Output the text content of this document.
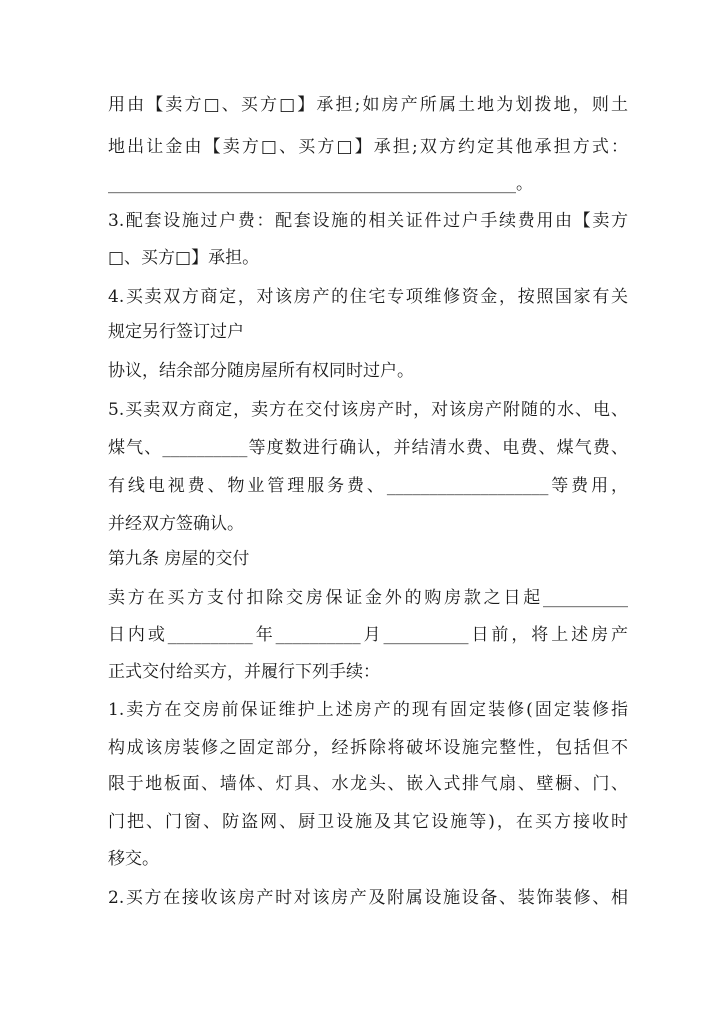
用由【卖方□、买方□】承担;如房产所属土地为划拨地，则土
地出让金由【卖方□、买方□】承担;双方约定其他承担方式：
________________________________________________。
3.配套设施过户费：配套设施的相关证件过户手续费用由【卖方
□、买方□】承担。
4.买卖双方商定，对该房产的住宅专项维修资金，按照国家有关
规定另行签订过户
协议，结余部分随房屋所有权同时过户。
5.买卖双方商定，卖方在交付该房产时，对该房产附随的水、电、
煤气、__________等度数进行确认，并结清水费、电费、煤气费、
有线电视费、物业管理服务费、___________________等费用，
并经双方签确认。
第九条 房屋的交付
卖方在买方支付扣除交房保证金外的购房款之日起__________
日内或__________年__________月__________日前，将上述房产
正式交付给买方，并履行下列手续：
1.卖方在交房前保证维护上述房产的现有固定装修(固定装修指
构成该房装修之固定部分，经拆除将破坏设施完整性，包括但不
限于地板面、墙体、灯具、水龙头、嵌入式排气扇、壁橱、门、
门把、门窗、防盗网、厨卫设施及其它设施等)，在买方接收时
移交。
2.买方在接收该房产时对该房产及附属设施设备、装饰装修、相
